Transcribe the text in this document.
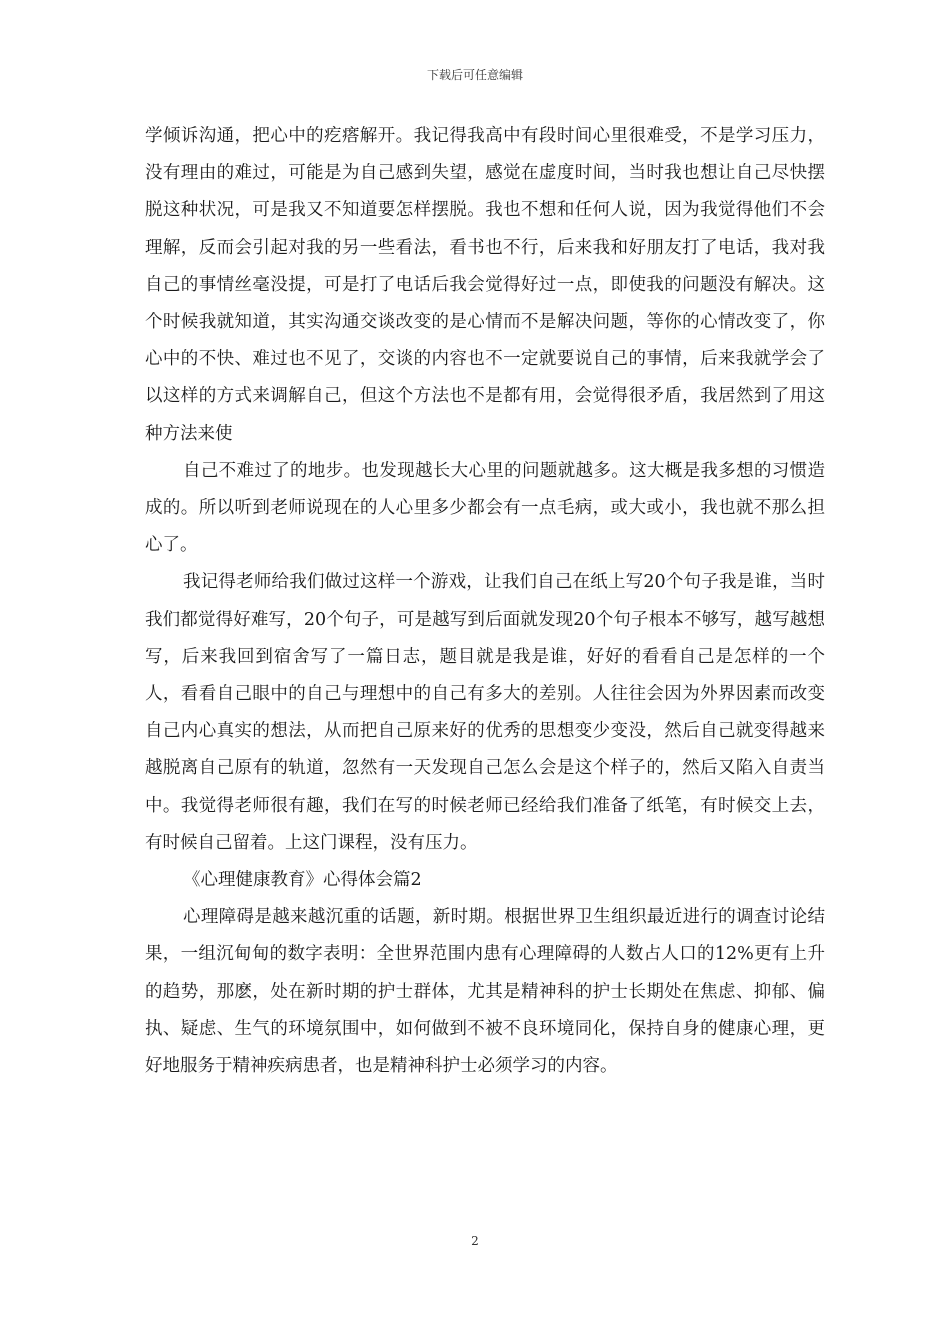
下载后可任意编辑

学倾诉沟通，把心中的疙瘩解开。我记得我高中有段时间心里很难受，不是学习压力，没有理由的难过，可能是为自己感到失望，感觉在虚度时间，当时我也想让自己尽快摆脱这种状况，可是我又不知道要怎样摆脱。我也不想和任何人说，因为我觉得他们不会理解，反而会引起对我的另一些看法，看书也不行，后来我和好朋友打了电话，我对我自己的事情丝毫没提，可是打了电话后我会觉得好过一点，即使我的问题没有解决。这个时候我就知道，其实沟通交谈改变的是心情而不是解决问题，等你的心情改变了，你心中的不快、难过也不见了，交谈的内容也不一定就要说自己的事情，后来我就学会了以这样的方式来调解自己，但这个方法也不是都有用，会觉得很矛盾，我居然到了用这种方法来使

自己不难过了的地步。也发现越长大心里的问题就越多。这大概是我多想的习惯造成的。所以听到老师说现在的人心里多少都会有一点毛病，或大或小，我也就不那么担心了。

我记得老师给我们做过这样一个游戏，让我们自己在纸上写20个句子我是谁，当时我们都觉得好难写，20个句子，可是越写到后面就发现20个句子根本不够写，越写越想写，后来我回到宿舍写了一篇日志，题目就是我是谁，好好的看看自己是怎样的一个人，看看自己眼中的自己与理想中的自己有多大的差别。人往往会因为外界因素而改变自己内心真实的想法，从而把自己原来好的优秀的思想变少变没，然后自己就变得越来越脱离自己原有的轨道，忽然有一天发现自己怎么会是这个样子的，然后又陷入自责当中。我觉得老师很有趣，我们在写的时候老师已经给我们准备了纸笔，有时候交上去，有时候自己留着。上这门课程，没有压力。

《心理健康教育》心得体会篇2

心理障碍是越来越沉重的话题，新时期。根据世界卫生组织最近进行的调查讨论结果，一组沉甸甸的数字表明：全世界范围内患有心理障碍的人数占人口的12%更有上升的趋势，那麽，处在新时期的护士群体，尤其是精神科的护士长期处在焦虑、抑郁、偏执、疑虑、生气的环境氛围中，如何做到不被不良环境同化，保持自身的健康心理，更好地服务于精神疾病患者，也是精神科护士必须学习的内容。

2
